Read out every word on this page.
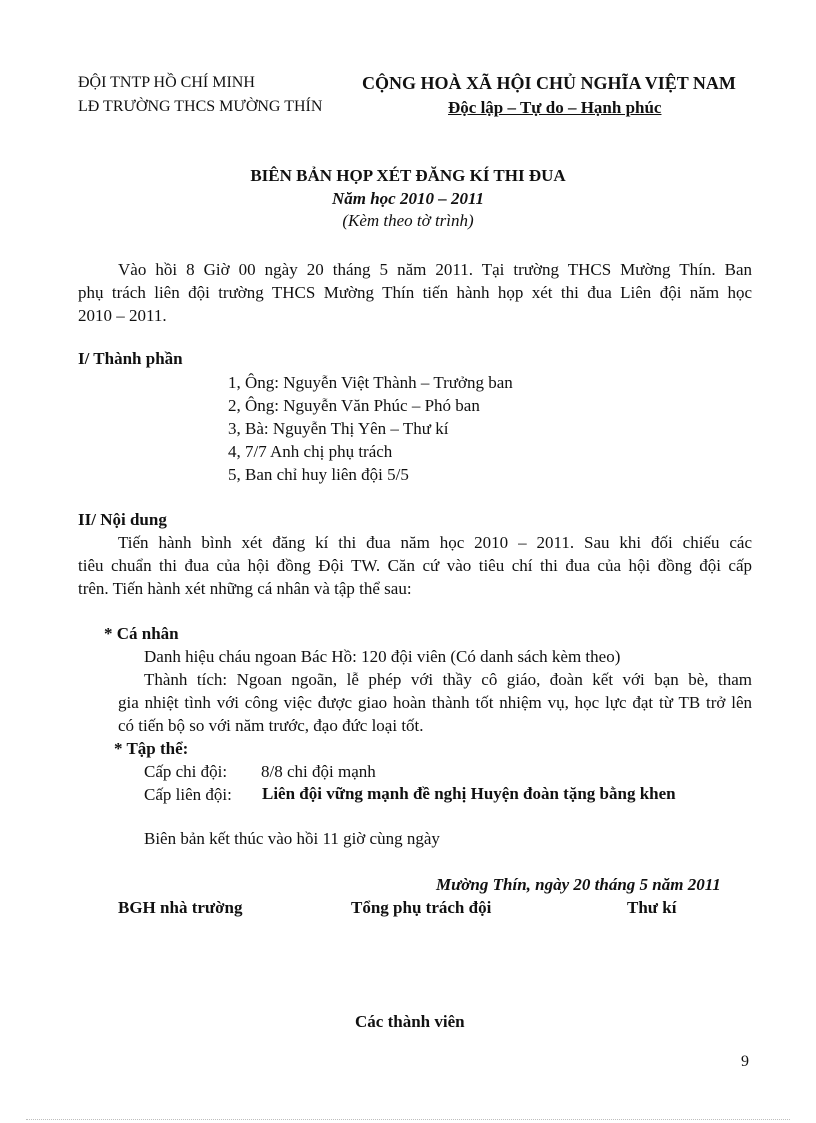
ĐỘI TNTP HỒ CHÍ MINH
LĐ TRƯỜNG THCS MƯỜNG THÍN
CỘNG HOÀ XÃ HỘI CHỦ NGHĨA VIỆT NAM
Độc lập – Tự do – Hạnh phúc
BIÊN BẢN HỌP XÉT ĐĂNG KÍ THI ĐUA
Năm học 2010 – 2011
(Kèm theo tờ trình)
Vào hồi 8 Giờ 00 ngày 20 tháng 5 năm 2011. Tại trường THCS Mường Thín. Ban
phụ trách liên đội trường THCS Mường Thín tiến hành họp xét thi đua Liên đội năm học
2010 – 2011.
I/ Thành phần
1, Ông: Nguyễn Việt Thành – Trưởng ban
2, Ông: Nguyễn Văn Phúc – Phó ban
3, Bà: Nguyễn Thị Yên – Thư kí
4, 7/7 Anh chị phụ trách
5, Ban chỉ huy liên đội 5/5
II/ Nội dung
Tiến hành bình xét đăng kí thi đua năm học 2010 – 2011. Sau khi đối chiếu các
tiêu chuẩn thi đua của hội đồng Đội TW. Căn cứ vào tiêu chí thi đua của hội đồng đội cấp
trên. Tiến hành xét những cá nhân và tập thể sau:
* Cá nhân
Danh hiệu cháu ngoan Bác Hồ: 120 đội viên (Có danh sách kèm theo)
Thành tích: Ngoan ngoãn, lễ phép với thầy cô giáo, đoàn kết với bạn bè, tham
gia nhiệt tình với công việc được giao hoàn thành tốt nhiệm vụ, học lực đạt từ TB trở lên
có tiến bộ so với năm trước, đạo đức loại tốt.
* Tập thể:
Cấp chi đội: 8/8 chi đội mạnh
Cấp liên đội: Liên đội vững mạnh đề nghị Huyện đoàn tặng bằng khen
Biên bản kết thúc vào hồi 11 giờ cùng ngày
Mường Thín, ngày 20 tháng 5 năm 2011
BGH nhà trường	Tổng phụ trách đội	Thư kí
Các thành viên
9
